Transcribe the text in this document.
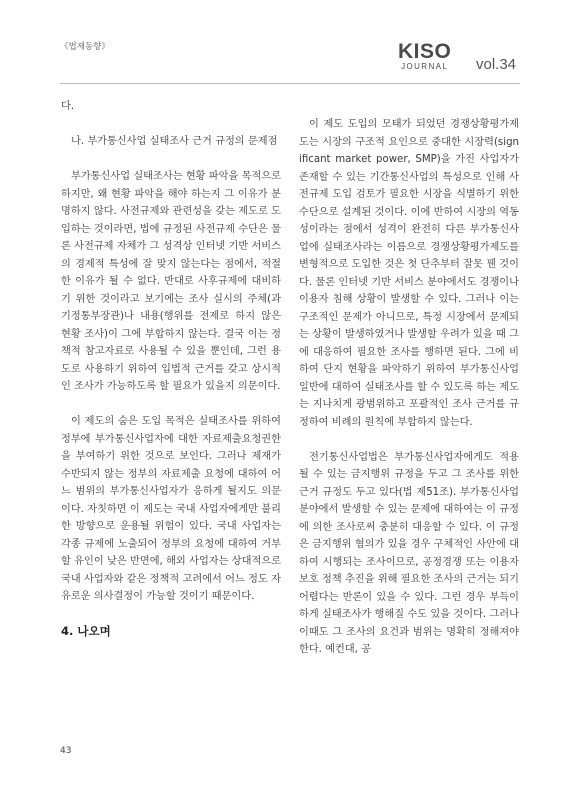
《법제동향》	KISO
JOURNAL vol.34

다.

나. 부가통신사업 실태조사 근거 규정의 문제점

부가통신사업 실태조사는 현황 파악을 목적으로 하지만, 왜 현황 파악을 해야 하는지 그 이유가 분명하지 않다. 사전규제와 관련성을 갖는 제도로 도입하는 것이라면, 법에 규정된 사전규제 수단은 물론 사전규제 자체가 그 성격상 인터넷 기반 서비스의 경제적 특성에 잘 맞지 않는다는 점에서, 적절한 이유가 될 수 없다. 반대로 사후규제에 대비하기 위한 것이라고 보기에는 조사 실시의 주체(과기정통부장관)나 내용(행위를 전제로 하지 않은 현황 조사)이 그에 부합하지 않는다. 결국 이는 정책적 참고자료로 사용될 수 있을 뿐인데, 그런 용도로 사용하기 위하여 입법적 근거를 갖고 상시적인 조사가 가능하도록 할 필요가 있을지 의문이다.

이 제도의 숨은 도입 목적은 실태조사를 위하여 정부에 부가통신사업자에 대한 자료제출요청권한을 부여하기 위한 것으로 보인다. 그러나 제재가 수반되지 않는 정부의 자료제출 요청에 대하여 어느 범위의 부가통신사업자가 응하게 될지도 의문이다. 자칫하면 이 제도는 국내 사업자에게만 불리한 방향으로 운용될 위험이 있다. 국내 사업자는 각종 규제에 노출되어 정부의 요청에 대하여 거부할 유인이 낮은 반면에, 해외 사업자는 상대적으로 국내 사업자와 같은 정책적 고려에서 어느 정도 자유로운 의사결정이 가능할 것이기 때문이다.

4. 나오며

이 제도 도입의 모태가 되었던 경쟁상황평가제도는 시장의 구조적 요인으로 중대한 시장력(significant market power, SMP)을 가진 사업자가 존재할 수 있는 기간통신사업의 특성으로 인해 사전규제 도입 검토가 필요한 시장을 식별하기 위한 수단으로 설계된 것이다. 이에 반하여 시장의 역동성이라는 점에서 성격이 완전히 다른 부가통신사업에 실태조사라는 이름으로 경쟁상황평가제도를 변형적으로 도입한 것은 첫 단추부터 잘못 꿴 것이다. 물론 인터넷 기반 서비스 분야에서도 경쟁이나 이용자 침해 상황이 발생할 수 있다. 그러나 이는 구조적인 문제가 아니므로, 특정 시장에서 문제되는 상황이 발생하였거나 발생할 우려가 있을 때 그에 대응하여 필요한 조사를 행하면 된다. 그에 비하여 단지 현황을 파악하기 위하여 부가통신사업 일반에 대하여 실태조사를 할 수 있도록 하는 제도는 지나치게 광범위하고 포괄적인 조사 근거를 규정하여 비례의 원칙에 부합하지 않는다.

전기통신사업법은 부가통신사업자에게도 적용될 수 있는 금지행위 규정을 두고 그 조사를 위한 근거 규정도 두고 있다(법 제51조). 부가통신사업 분야에서 발생할 수 있는 문제에 대하여는 이 규정에 의한 조사로써 충분히 대응할 수 있다. 이 규정은 금지행위 혐의가 있을 경우 구체적인 사안에 대하여 시행되는 조사이므로, 공정경쟁 또는 이용자보호 정책 추진을 위해 필요한 조사의 근거는 되기 어렵다는 반론이 있을 수 있다. 그런 경우 부득이하게 실태조사가 행해질 수도 있을 것이다. 그러나 이때도 그 조사의 요건과 범위는 명확히 정해져야 한다. 예컨대, 공

43
